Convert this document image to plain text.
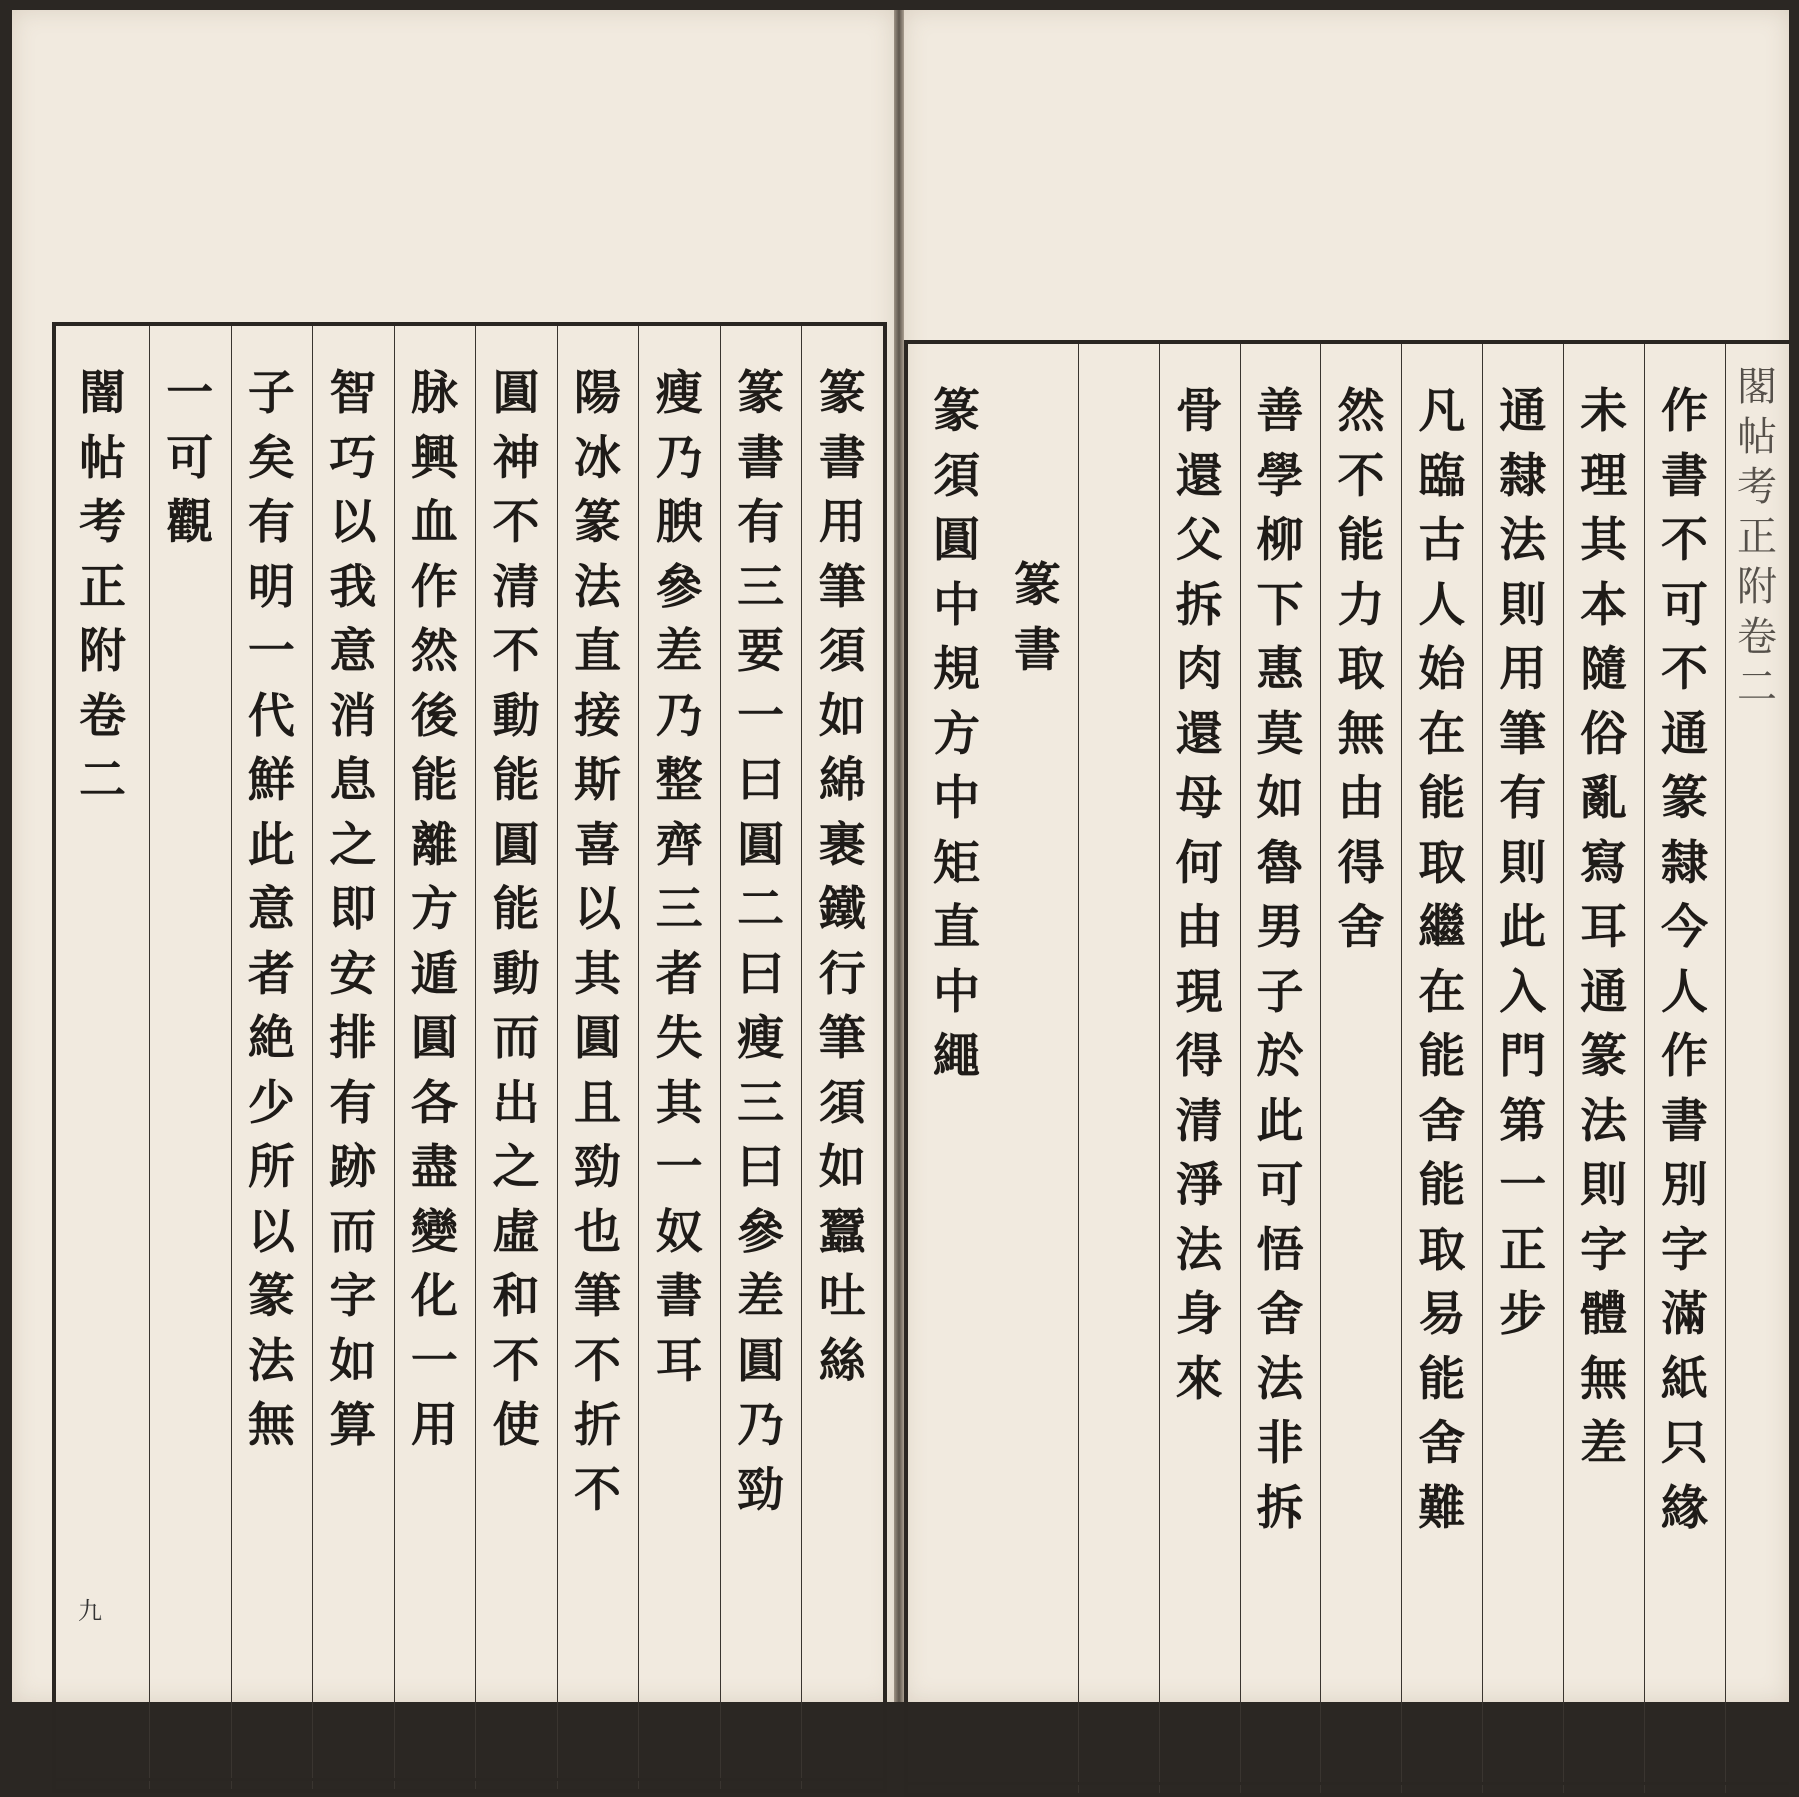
闇
帖
考
正
附
卷
二
九
篆
書
用
筆
須
如
綿
裹
鐵
行
筆
須
如
蠶
吐
絲
篆
書
有
三
要
一
曰
圓
二
曰
瘦
三
曰
參
差
圓
乃
勁
瘦
乃
腴
參
差
乃
整
齊
三
者
失
其
一
奴
書
耳
陽
冰
篆
法
直
接
斯
喜
以
其
圓
且
勁
也
筆
不
折
不
圓
神
不
清
不
動
能
圓
能
動
而
出
之
虛
和
不
使
脉
興
血
作
然
後
能
離
方
遁
圓
各
盡
變
化
一
用
智
巧
以
我
意
消
息
之
即
安
排
有
跡
而
字
如
算
子
矣
有
明
一
代
鮮
此
意
者
絶
少
所
以
篆
法
無
一
可
觀
閣
帖
考
正
附
卷
二
作
書
不
可
不
通
篆
隸
今
人
作
書
別
字
滿
紙
只
緣
未
理
其
本
隨
俗
亂
寫
耳
通
篆
法
則
字
體
無
差
通
隸
法
則
用
筆
有
則
此
入
門
第
一
正
步
凡
臨
古
人
始
在
能
取
繼
在
能
舍
能
取
易
能
舍
難
然
不
能
力
取
無
由
得
舍
善
學
柳
下
惠
莫
如
魯
男
子
於
此
可
悟
舍
法
非
拆
骨
還
父
拆
肉
還
母
何
由
現
得
清
淨
法
身
來
篆
書
篆
須
圓
中
規
方
中
矩
直
中
繩
